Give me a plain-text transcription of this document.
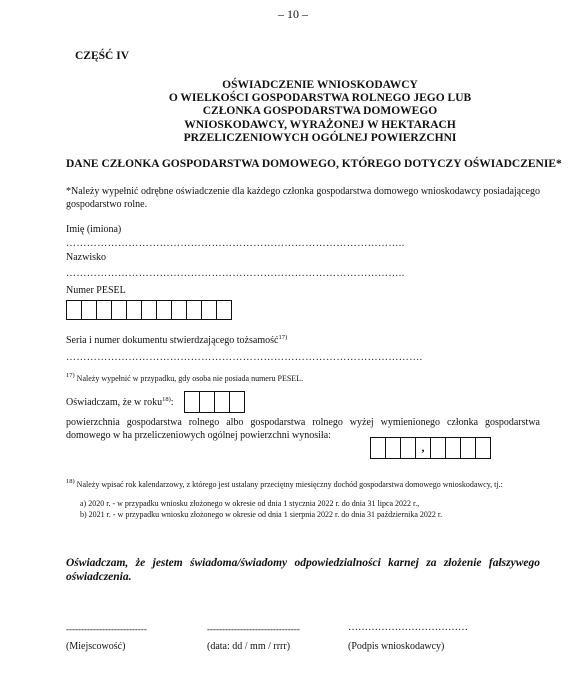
– 10 –
CZĘŚĆ IV
OŚWIADCZENIE WNIOSKODAWCY
O WIELKOŚCI GOSPODARSTWA ROLNEGO JEGO LUB
CZŁONKA GOSPODARSTWA DOMOWEGO
WNIOSKODAWCY, WYRAŻONEJ W HEKTARACH
PRZELICZENIOWYCH OGÓLNEJ POWIERZCHNI
DANE CZŁONKA GOSPODARSTWA DOMOWEGO, KTÓREGO DOTYCZY OŚWIADCZENIE*
*Należy wypełnić odrębne oświadczenie dla każdego członka gospodarstwa domowego wnioskodawcy posiadającego gospodarstwo rolne.
Imię (imiona)
……………………………………………………………………………………..
Nazwisko
……………………………………………………………………………………..
Numer PESEL
Seria i numer dokumentu stwierdzającego tożsamość$^{17)}$
………………………………………………………………………………………….
$^{17)}$ Należy wypełnić w przypadku, gdy osoba nie posiada numeru PESEL.
Oświadczam, że w roku$^{18)}$:
powierzchnia gospodarstwa rolnego albo gospodarstwa rolnego wyżej wymienionego członka gospodarstwa domowego w ha przeliczeniowych ogólnej powierzchni wynosiła:
,
$^{18)}$ Należy wpisać rok kalendarzowy, z którego jest ustalany przeciętny miesięczny dochód gospodarstwa domowego wnioskodawcy, tj.:
a) 2020 r. - w przypadku wniosku złożonego w okresie od dnia 1 stycznia 2022 r. do dnia 31 lipca 2022 r.,
b) 2021 r. - w przypadku wniosku złożonego w okresie od dnia 1 sierpnia 2022 r. do dnia 31 października 2022 r.
Oświadczam, że jestem świadoma/świadomy odpowiedzialności karnej za złożenie fałszywego oświadczenia.
---------------------------
(Miejscowość)
-------------------------------
(data: dd / mm / rrrr)
………………………………
(Podpis wnioskodawcy)
